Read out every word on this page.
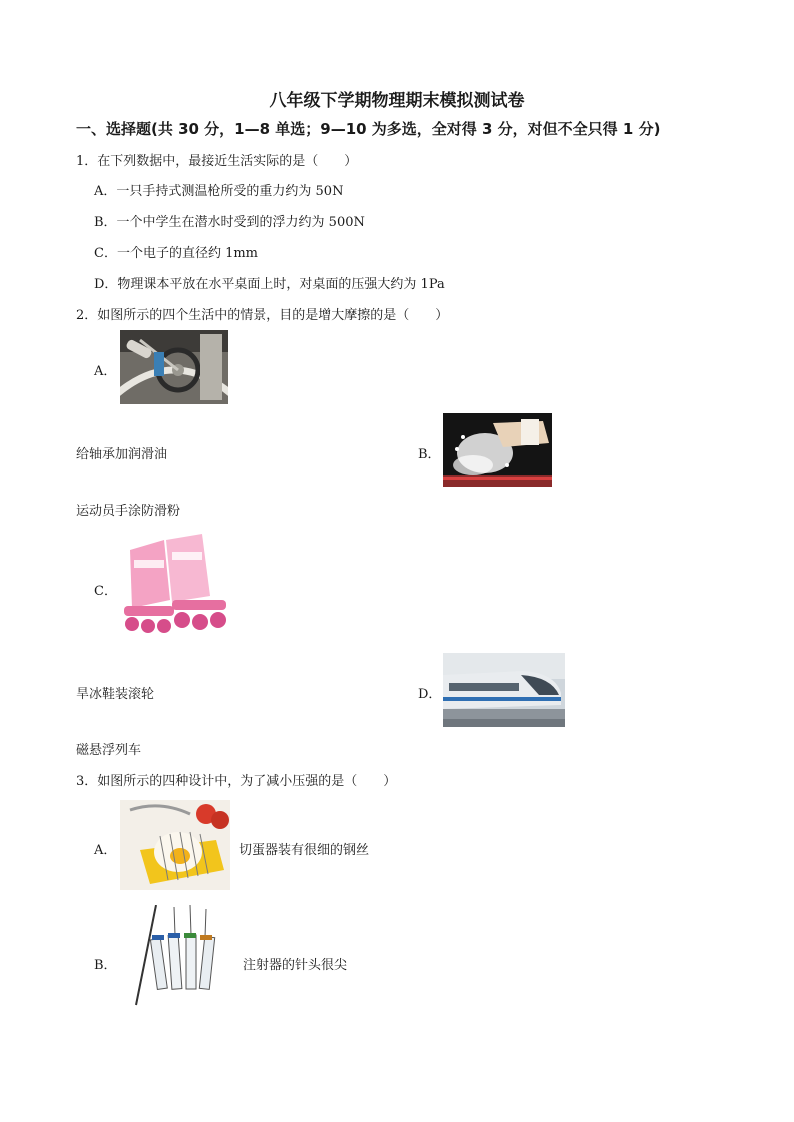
八年级下学期物理期末模拟测试卷
一、选择题(共 30 分，1—8 单选；9—10 为多选，全对得 3 分，对但不全只得 1 分)
1．在下列数据中，最接近生活实际的是（　　）
A．一只手持式测温枪所受的重力约为 50N
B．一个中学生在潜水时受到的浮力约为 500N
C．一个电子的直径约 1mm
D．物理课本平放在水平桌面上时，对桌面的压强大约为 1Pa
2．如图所示的四个生活中的情景，目的是增大摩擦的是（　　）
A．
给轴承加润滑油	B．
运动员手涂防滑粉
C．
旱冰鞋装滚轮	D．
磁悬浮列车
3．如图所示的四种设计中，为了减小压强的是（　　）
A．	切蛋器装有很细的钢丝
B．	注射器的针头很尖
